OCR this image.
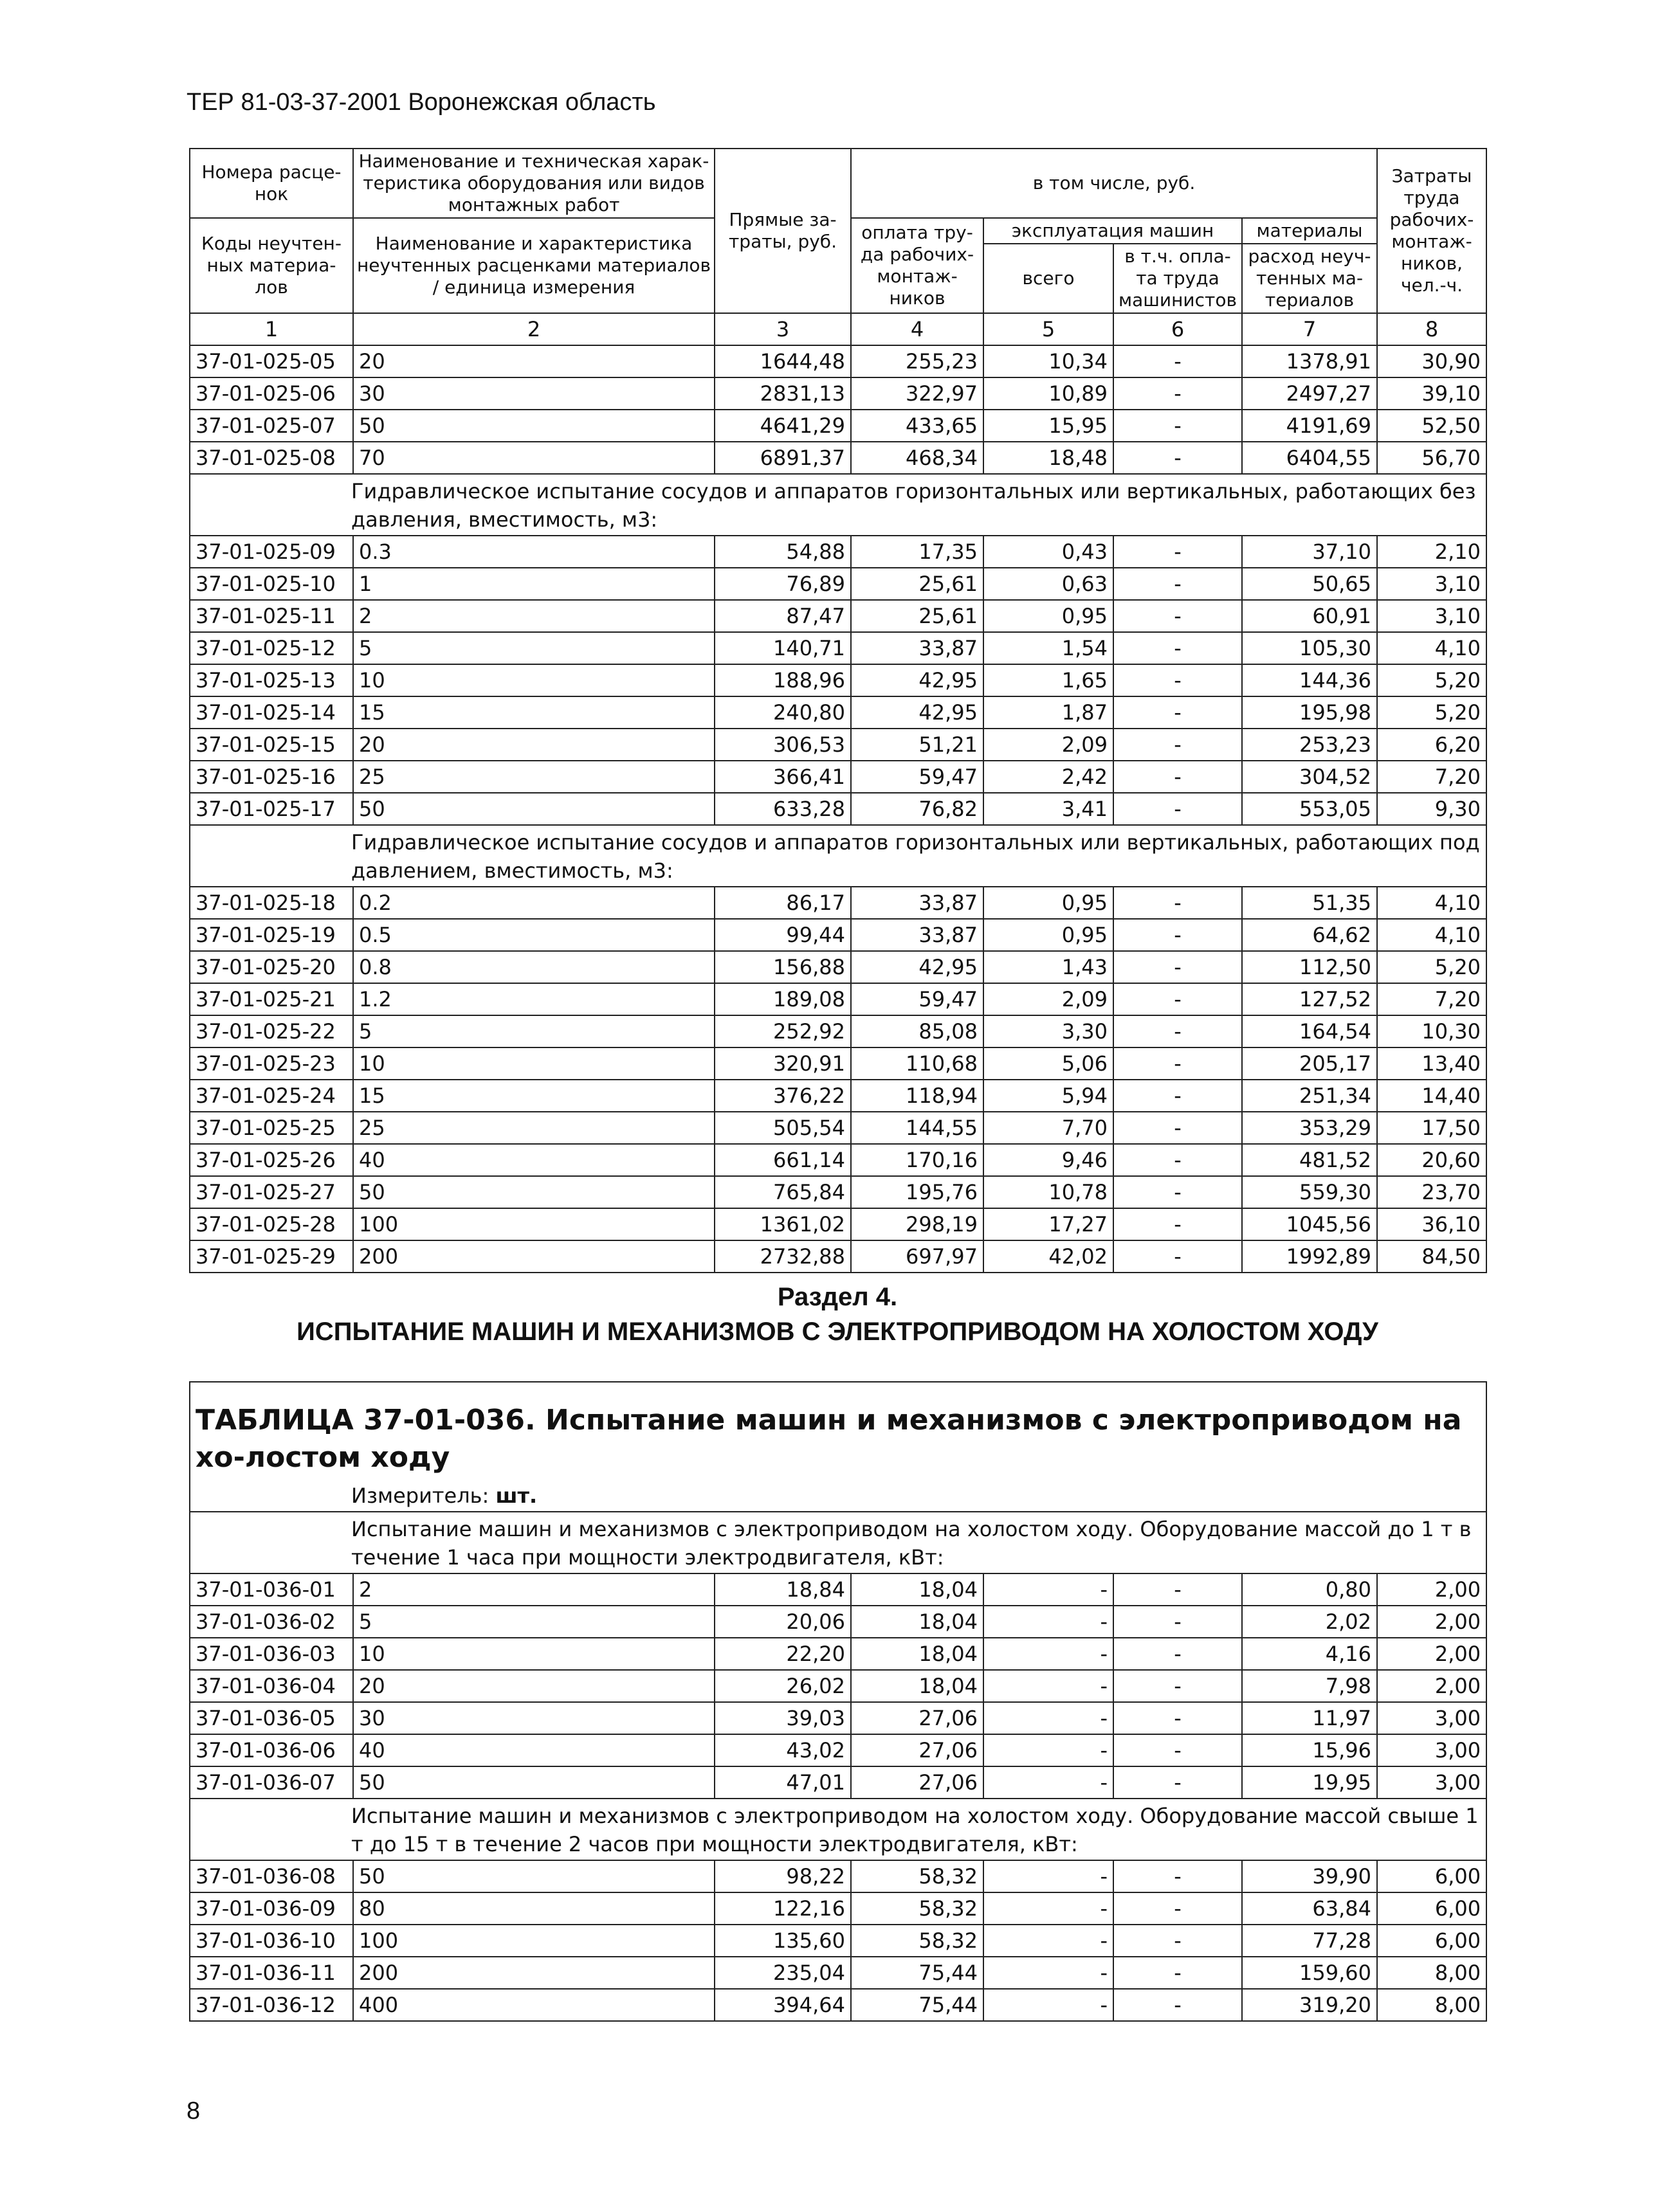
ТЕР 81-03-37-2001 Воронежская область
Номера расце-нок	Наименование и техническая харак-теристика оборудования или видов монтажных работ	Прямые за-траты, руб.	в том числе, руб.				Затраты труда рабочих-монтаж-ников, чел.-ч.
Коды неучтен-ных материа-лов	Наименование и характеристика неучтенных расценками материалов / единица измерения		оплата тру-да рабочих-монтаж-ников	эксплуатация машин		материалы	
				всего	в т.ч. опла-та труда машинистов	расход неуч-тенных ма-териалов	
1	2	3	4	5	6	7	8
37-01-025-05	20	1644,48	255,23	10,34	-	1378,91	30,90
37-01-025-06	30	2831,13	322,97	10,89	-	2497,27	39,10
37-01-025-07	50	4641,29	433,65	15,95	-	4191,69	52,50
37-01-025-08	70	6891,37	468,34	18,48	-	6404,55	56,70
Гидравлическое испытание сосудов и аппаратов горизонтальных или вертикальных, работающих без давления, вместимость, м3:							
37-01-025-09	0.3	54,88	17,35	0,43	-	37,10	2,10
37-01-025-10	1	76,89	25,61	0,63	-	50,65	3,10
37-01-025-11	2	87,47	25,61	0,95	-	60,91	3,10
37-01-025-12	5	140,71	33,87	1,54	-	105,30	4,10
37-01-025-13	10	188,96	42,95	1,65	-	144,36	5,20
37-01-025-14	15	240,80	42,95	1,87	-	195,98	5,20
37-01-025-15	20	306,53	51,21	2,09	-	253,23	6,20
37-01-025-16	25	366,41	59,47	2,42	-	304,52	7,20
37-01-025-17	50	633,28	76,82	3,41	-	553,05	9,30
Гидравлическое испытание сосудов и аппаратов горизонтальных или вертикальных, работающих под давлением, вместимость, м3:							
37-01-025-18	0.2	86,17	33,87	0,95	-	51,35	4,10
37-01-025-19	0.5	99,44	33,87	0,95	-	64,62	4,10
37-01-025-20	0.8	156,88	42,95	1,43	-	112,50	5,20
37-01-025-21	1.2	189,08	59,47	2,09	-	127,52	7,20
37-01-025-22	5	252,92	85,08	3,30	-	164,54	10,30
37-01-025-23	10	320,91	110,68	5,06	-	205,17	13,40
37-01-025-24	15	376,22	118,94	5,94	-	251,34	14,40
37-01-025-25	25	505,54	144,55	7,70	-	353,29	17,50
37-01-025-26	40	661,14	170,16	9,46	-	481,52	20,60
37-01-025-27	50	765,84	195,76	10,78	-	559,30	23,70
37-01-025-28	100	1361,02	298,19	17,27	-	1045,56	36,10
37-01-025-29	200	2732,88	697,97	42,02	-	1992,89	84,50
Раздел 4.
ИСПЫТАНИЕ МАШИН И МЕХАНИЗМОВ С ЭЛЕКТРОПРИВОДОМ НА ХОЛОСТОМ ХОДУ
ТАБЛИЦА 37-01-036. Испытание машин и механизмов с электроприводом на хо-лостом ходу							
Измеритель: шт.							
Испытание машин и механизмов с электроприводом на холостом ходу. Оборудование массой до 1 т в течение 1 часа при мощности электродвигателя, кВт:							
37-01-036-01	2	18,84	18,04	-	-	0,80	2,00
37-01-036-02	5	20,06	18,04	-	-	2,02	2,00
37-01-036-03	10	22,20	18,04	-	-	4,16	2,00
37-01-036-04	20	26,02	18,04	-	-	7,98	2,00
37-01-036-05	30	39,03	27,06	-	-	11,97	3,00
37-01-036-06	40	43,02	27,06	-	-	15,96	3,00
37-01-036-07	50	47,01	27,06	-	-	19,95	3,00
Испытание машин и механизмов с электроприводом на холостом ходу. Оборудование массой свыше 1 т до 15 т в течение 2 часов при мощности электродвигателя, кВт:							
37-01-036-08	50	98,22	58,32	-	-	39,90	6,00
37-01-036-09	80	122,16	58,32	-	-	63,84	6,00
37-01-036-10	100	135,60	58,32	-	-	77,28	6,00
37-01-036-11	200	235,04	75,44	-	-	159,60	8,00
37-01-036-12	400	394,64	75,44	-	-	319,20	8,00
8
